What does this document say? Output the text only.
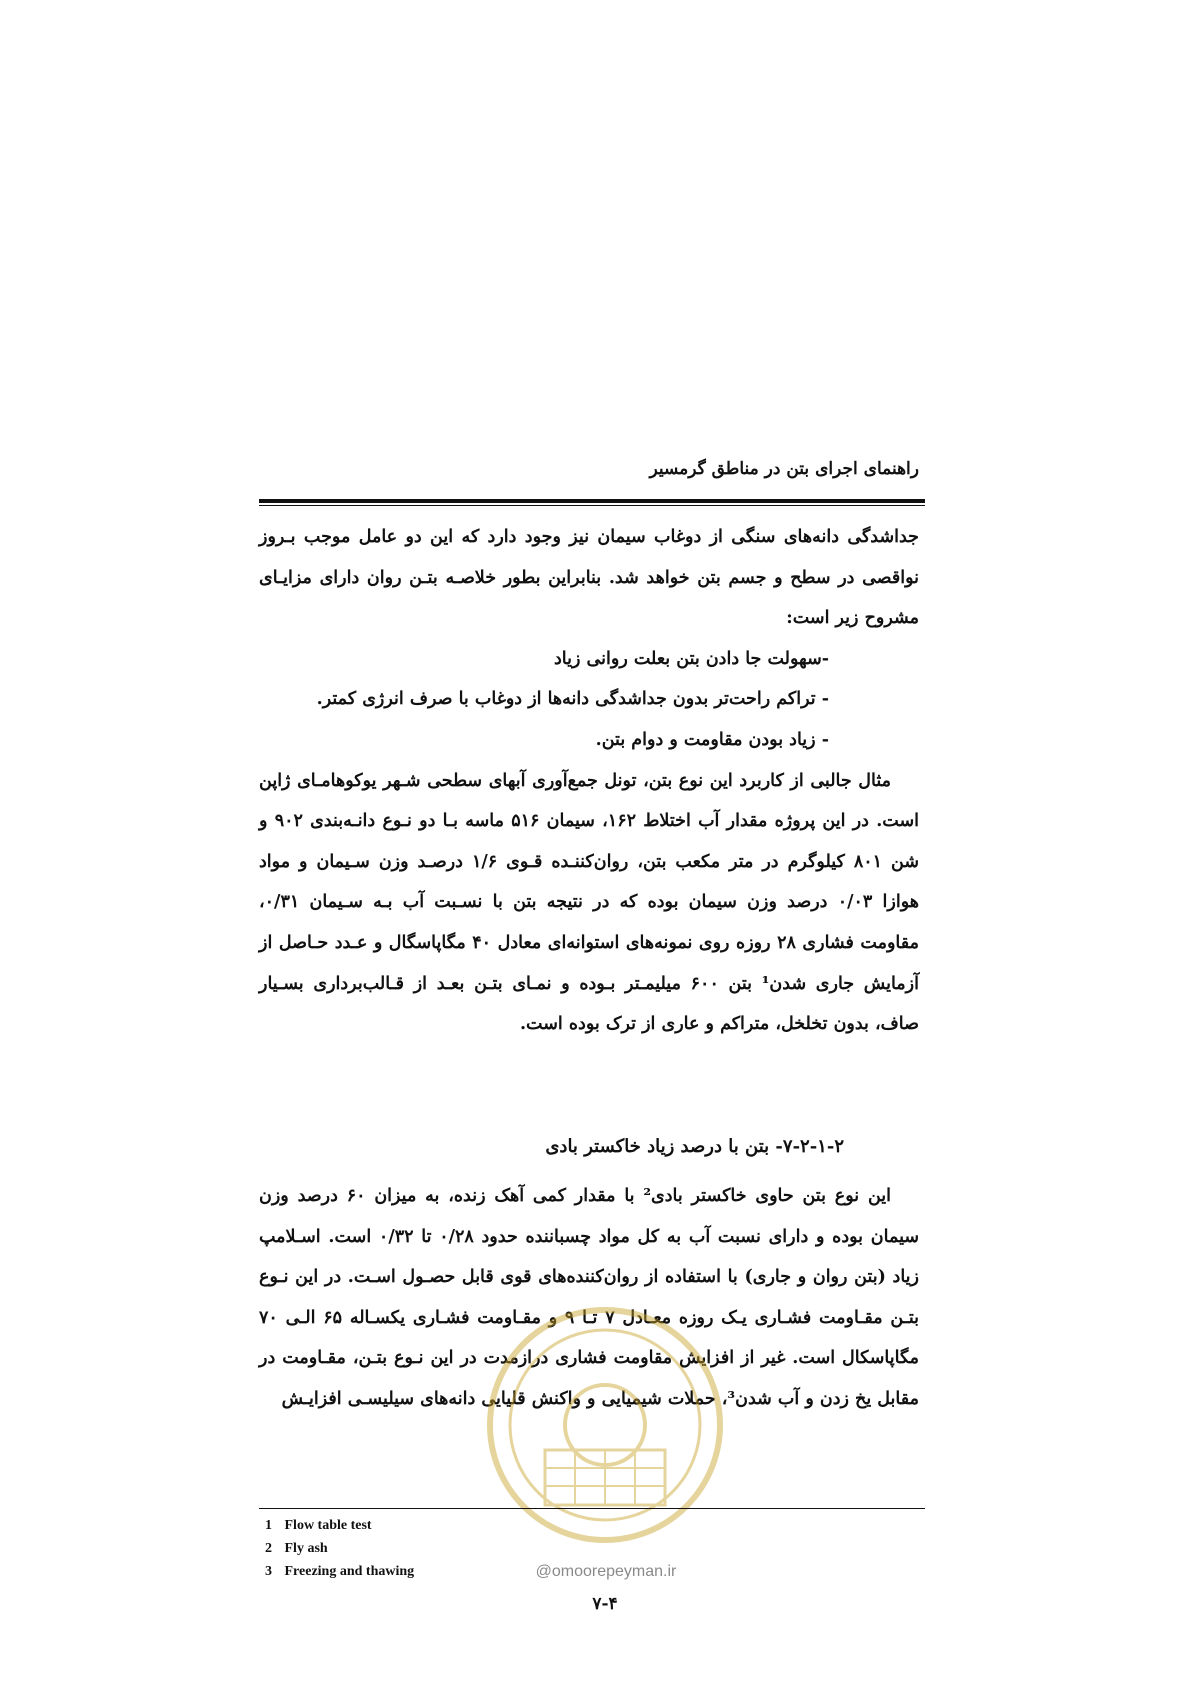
راهنمای اجرای بتن در مناطق گرمسیر

جداشدگی دانه‌های سنگی از دوغاب سیمان نیز وجود دارد که این دو عامل موجب بـروز نواقصی در سطح و جسم بتن خواهد شد. بنابراین بطور خلاصـه بتـن روان دارای مزایـای مشروح زیر است:

-سهولت جا دادن بتن بعلت روانی زیاد

- تراکم راحت‌تر بدون جداشدگی دانه‌ها از دوغاب با صرف انرژی کمتر.

- زیاد بودن مقاومت و دوام بتن.

مثال جالبی از کاربرد این نوع بتن، تونل جمع‌آوری آبهای سطحی شـهر یوکوهامـای ژاپن است. در این پروژه مقدار آب اختلاط ۱۶۲، سیمان ۵۱۶ ماسه بـا دو نـوع دانـه‌بندی ۹۰۲ و شن ۸۰۱ کیلوگرم در متر مکعب بتن، روان‌کننـده قـوی ۱/۶ درصـد وزن سـیمان و مواد هوازا ۰/۰۳ درصد وزن سیمان بوده که در نتیجه بتن با نسـبت آب بـه سـیمان ۰/۳۱، مقاومت فشاری ۲۸ روزه روی نمونه‌های استوانه‌ای معادل ۴۰ مگاپاسگال و عـدد حـاصل از آزمایش جاری شدن¹ بتن ۶۰۰ میلیمـتر بـوده و نمـای بتـن بعـد از قـالب‌برداری بسـیار صاف، بدون تخلخل، متراکم و عاری از ترک بوده است.

۷-۲-۱-۲- بتن با درصد زیاد خاکستر بادی

این نوع بتن حاوی خاکستر بادی² با مقدار کمی آهک زنده، به میزان ۶۰ درصد وزن سیمان بوده و دارای نسبت آب به کل مواد چسباننده حدود ۰/۲۸ تا ۰/۳۲ است. اسـلامپ زیاد (بتن روان و جاری) با استفاده از روان‌کننده‌های قوی قابل حصـول اسـت. در این نـوع بتـن مقـاومت فشـاری یـک روزه معـادل ۷ تـا ۹ و مقـاومت فشـاری یکسـاله ۶۵ الـی ۷۰ مگاپاسکال است. غیر از افزایش مقاومت فشاری درازمدت در این نـوع بتـن، مقـاومت در مقابل یخ زدن و آب شدن³، حملات شیمیایی و واکنش قلیایی دانه‌های سیلیسـی افزایـش

1 Flow table test
2 Fly ash
3 Freezing and thawing	@omoorepeyman.ir
۷-۴
